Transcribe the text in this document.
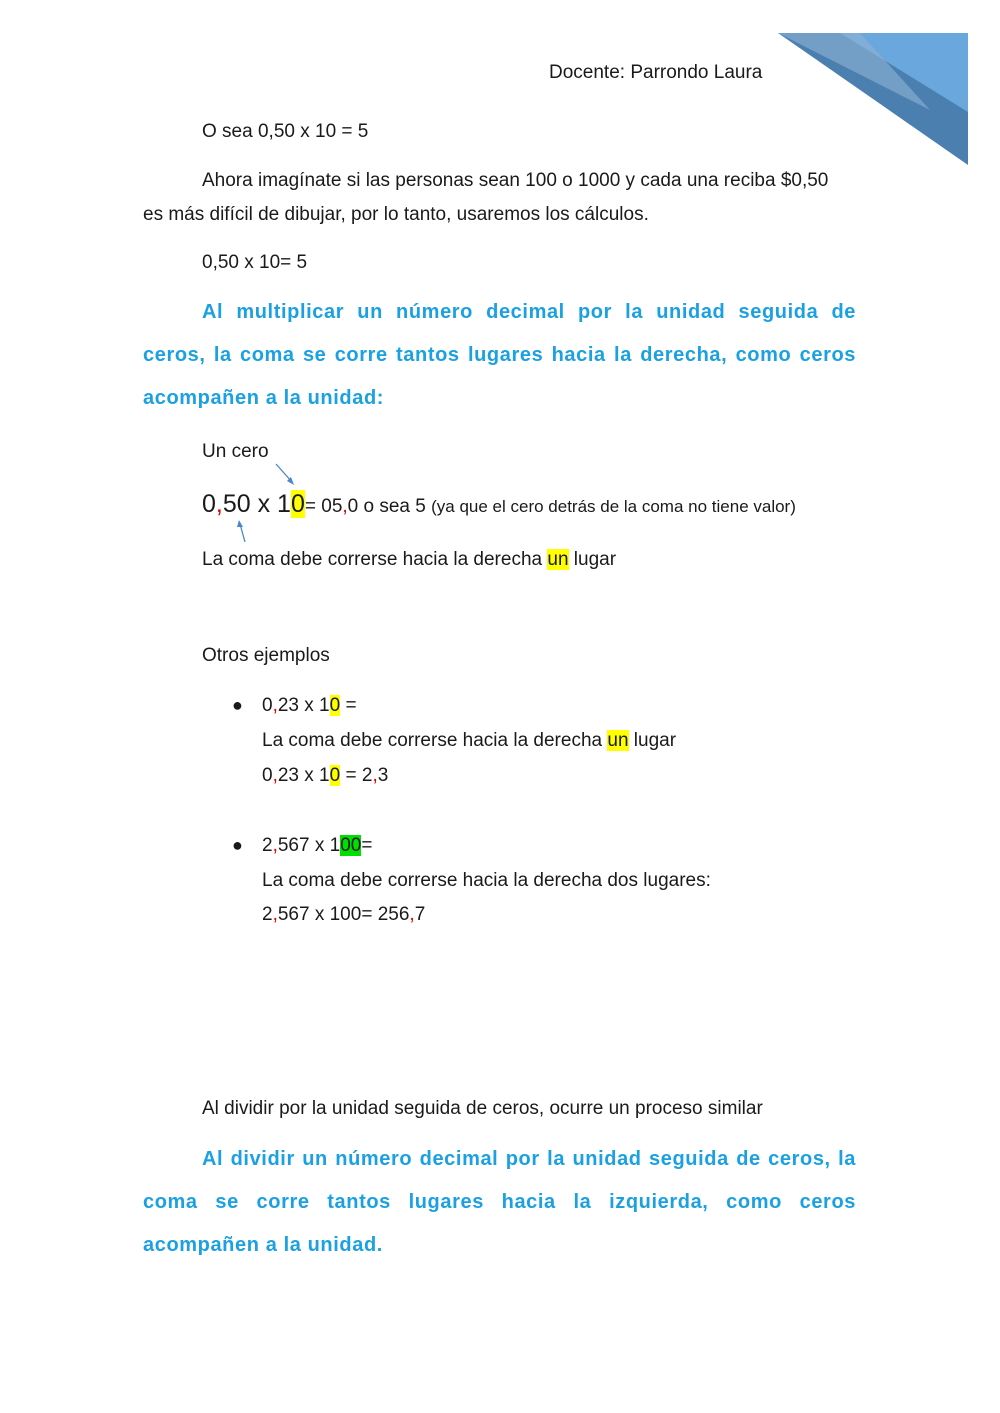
Docente: Parrondo Laura
O sea 0,50 x 10 = 5
Ahora imagínate si las personas sean 100 o 1000 y cada una reciba $0,50
es más difícil de dibujar, por lo tanto, usaremos los cálculos.
0,50 x 10= 5
Al multiplicar un número decimal por la unidad seguida de ceros, la coma se corre tantos lugares hacia la derecha, como ceros acompañen a la unidad:
Un cero
0,50 x 10= 05,0 o sea 5 (ya que el cero detrás de la coma no tiene valor)
La coma debe correrse hacia la derecha un lugar
Otros ejemplos
● 0,23 x 10 =
La coma debe correrse hacia la derecha un lugar
0,23 x 10 = 2,3
● 2,567 x 100=
La coma debe correrse hacia la derecha dos lugares:
2,567 x 100= 256,7
Al dividir por la unidad seguida de ceros, ocurre un proceso similar
Al dividir un número decimal por la unidad seguida de ceros, la coma se corre tantos lugares hacia la izquierda, como ceros acompañen a la unidad.
